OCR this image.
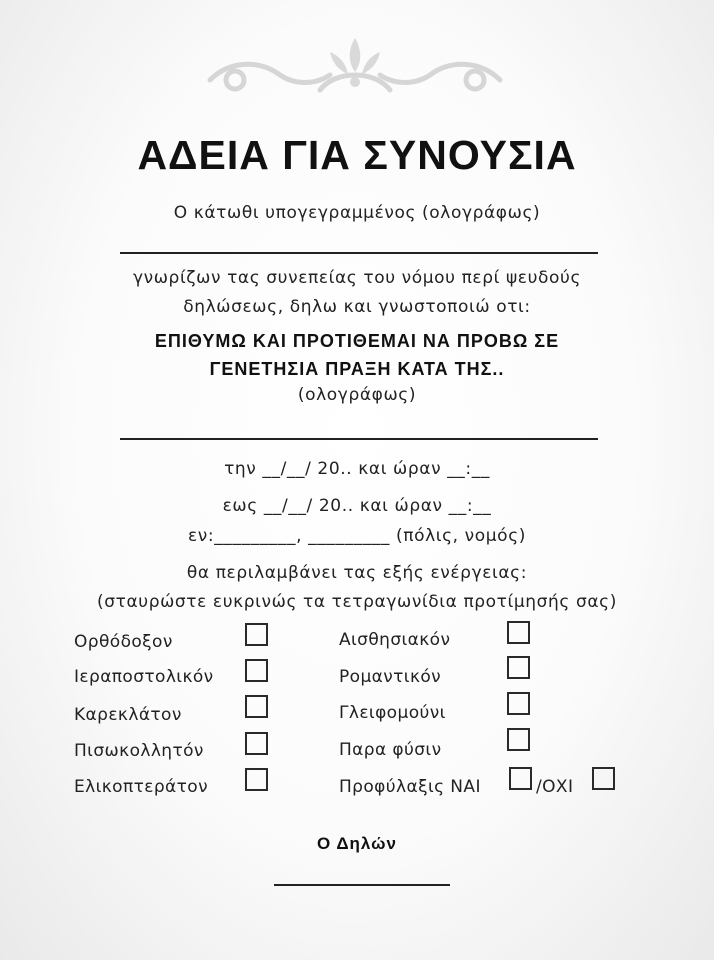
ΑΔΕΙΑ ΓΙΑ ΣΥΝΟΥΣΙΑ
Ο κάτωθι υπογεγραμμένος (ολογράφως)
γνωρίζων τας συνεπείας του νόμου περί ψευδούς
δηλώσεως, δηλω και γνωστοποιώ οτι:
ΕΠΙΘΥΜΩ ΚΑΙ ΠΡΟΤΙΘΕΜΑΙ ΝΑ ΠΡΟΒΩ ΣΕ
ΓΕΝΕΤΗΣΙΑ ΠΡΑΞΗ ΚΑΤΑ ΤΗΣ..
(ολογράφως)
την __/__/ 20.. και ώραν __:__
εως __/__/ 20.. και ώραν __:__
εν:_________, _________ (πόλις, νομός)
θα περιλαμβάνει τας εξής ενέργειας:
(σταυρώστε ευκρινώς τα τετραγωνίδια προτίμησής σας)
Ορθόδοξον
Ιεραποστολικόν
Καρεκλάτον
Πισωκολλητόν
Ελικοπτεράτον
Αισθησιακόν
Ρομαντικόν
Γλειφομούνι
Παρα φύσιν
Προφύλαξις ΝΑΙ	/ΟΧΙ
Ο Δηλών
